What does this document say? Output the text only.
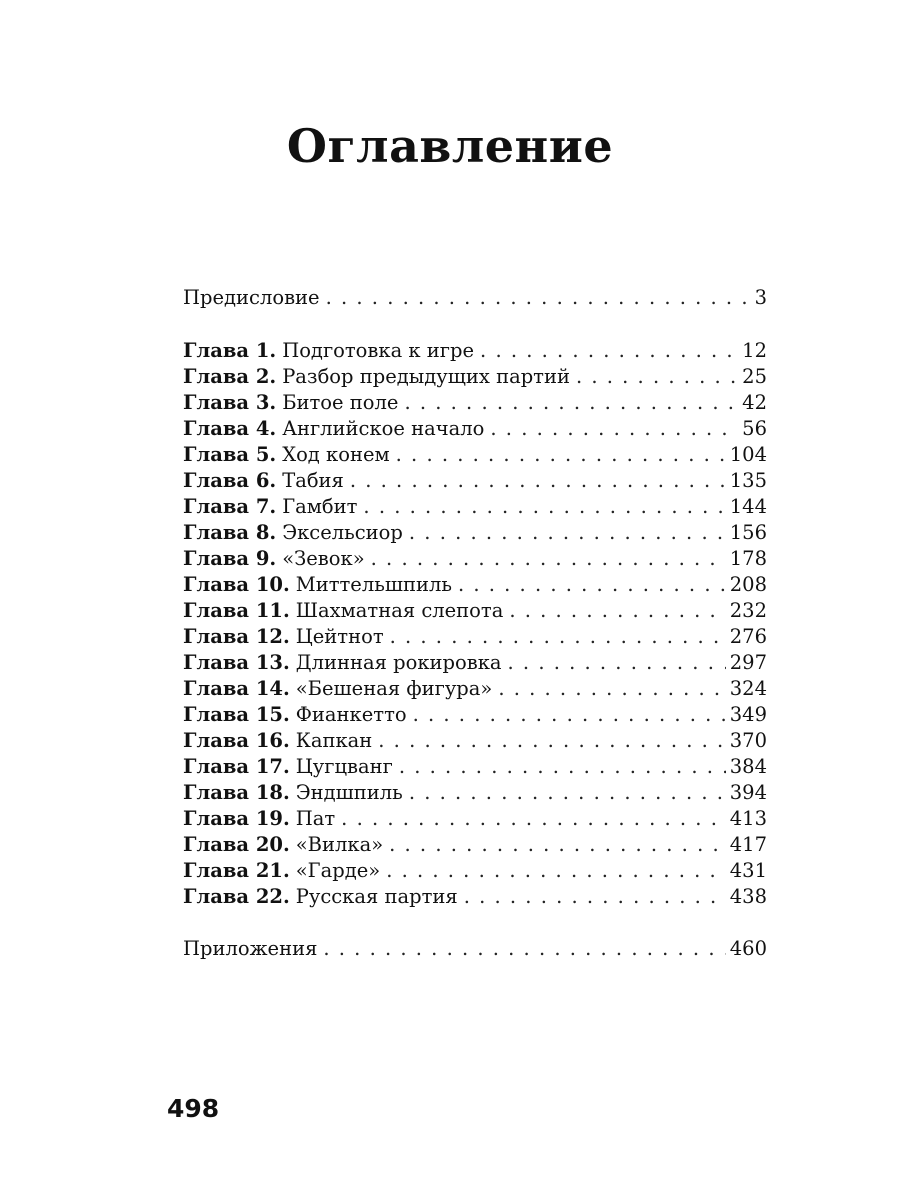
Оглавление
Предисловие . . .	3
Глава 1. Подготовка к игре . . .	12
Глава 2. Разбор предыдущих партий . . .	25
Глава 3. Битое поле . . .	42
Глава 4. Английское начало . . .	56
Глава 5. Ход конем . . .	104
Глава 6. Табия . . .	135
Глава 7. Гамбит . . .	144
Глава 8. Эксельсиор . . .	156
Глава 9. «Зевок» . . .	178
Глава 10. Миттельшпиль . . .	208
Глава 11. Шахматная слепота . . .	232
Глава 12. Цейтнот . . .	276
Глава 13. Длинная рокировка . . .	297
Глава 14. «Бешеная фигура» . . .	324
Глава 15. Фианкетто . . .	349
Глава 16. Капкан . . .	370
Глава 17. Цугцванг . . .	384
Глава 18. Эндшпиль . . .	394
Глава 19. Пат . . .	413
Глава 20. «Вилка» . . .	417
Глава 21. «Гарде» . . .	431
Глава 22. Русская партия . . .	438
Приложения . . .	460
498
